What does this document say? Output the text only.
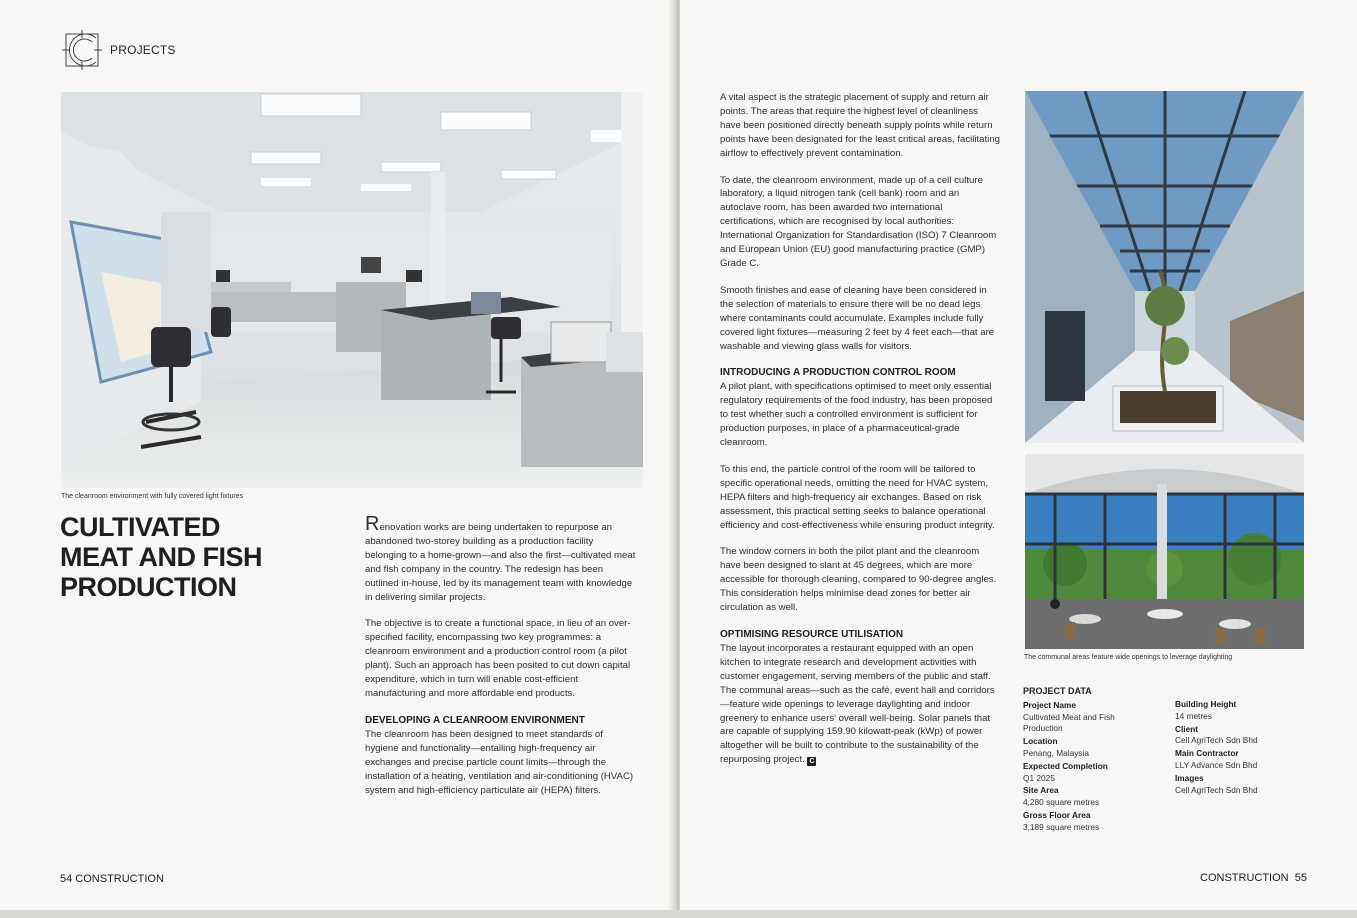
PROJECTS
The cleanroom environment with fully covered light fixtures
CULTIVATED
MEAT AND FISH
PRODUCTION

Renovation works are being undertaken to repurpose an abandoned two-storey building as a production facility belonging to a home-grown—and also the first—cultivated meat and fish company in the country. The redesign has been outlined in-house, led by its management team with knowledge in delivering similar projects.

The objective is to create a functional space, in lieu of an over-specified facility, encompassing two key programmes: a cleanroom environment and a production control room (a pilot plant). Such an approach has been posited to cut down capital expenditure, which in turn will enable cost-efficient manufacturing and more affordable end products.

DEVELOPING A CLEANROOM ENVIRONMENT

The cleanroom has been designed to meet standards of hygiene and functionality—entailing high-frequency air exchanges and precise particle count limits—through the installation of a heating, ventilation and air-conditioning (HVAC) system and high-efficiency particulate air (HEPA) filters.

54 CONSTRUCTION

A vital aspect is the strategic placement of supply and return air points. The areas that require the highest level of cleanliness have been positioned directly beneath supply points while return points have been designated for the least critical areas, facilitating airflow to effectively prevent contamination.

To date, the cleanroom environment, made up of a cell culture laboratory, a liquid nitrogen tank (cell bank) room and an autoclave room, has been awarded two international certifications, which are recognised by local authorities: International Organization for Standardisation (ISO) 7 Cleanroom and European Union (EU) good manufacturing practice (GMP) Grade C.

Smooth finishes and ease of cleaning have been considered in the selection of materials to ensure there will be no dead legs where contaminants could accumulate. Examples include fully covered light fixtures—measuring 2 feet by 4 feet each—that are washable and viewing glass walls for visitors.

INTRODUCING A PRODUCTION CONTROL ROOM

A pilot plant, with specifications optimised to meet only essential regulatory requirements of the food industry, has been proposed to test whether such a controlled environment is sufficient for production purposes, in place of a pharmaceutical-grade cleanroom.

To this end, the particle control of the room will be tailored to specific operational needs, omitting the need for HVAC system, HEPA filters and high-frequency air exchanges. Based on risk assessment, this practical setting seeks to balance operational efficiency and cost-effectiveness while ensuring product integrity.

The window corners in both the pilot plant and the cleanroom have been designed to slant at 45 degrees, which are more accessible for thorough cleaning, compared to 90-degree angles. This consideration helps minimise dead zones for better air circulation as well.

OPTIMISING RESOURCE UTILISATION

The layout incorporates a restaurant equipped with an open kitchen to integrate research and development activities with customer engagement, serving members of the public and staff. The communal areas—such as the café, event hall and corridors—feature wide openings to leverage daylighting and indoor greenery to enhance users' overall well-being. Solar panels that are capable of supplying 159.90 kilowatt-peak (kWp) of power altogether will be built to contribute to the sustainability of the repurposing project. C

The communal areas feature wide openings to leverage daylighting
PROJECT DATA
Project Name
Cultivated Meat and Fish Production
Location
Penang, Malaysia
Expected Completion
Q1 2025
Site Area
4,280 square metres
Gross Floor Area
3,189 square metres
Building Height
14 metres
Client
Cell AgriTech Sdn Bhd
Main Contractor
LLY Advance Sdn Bhd
Images
Cell AgriTech Sdn Bhd
CONSTRUCTION 55
